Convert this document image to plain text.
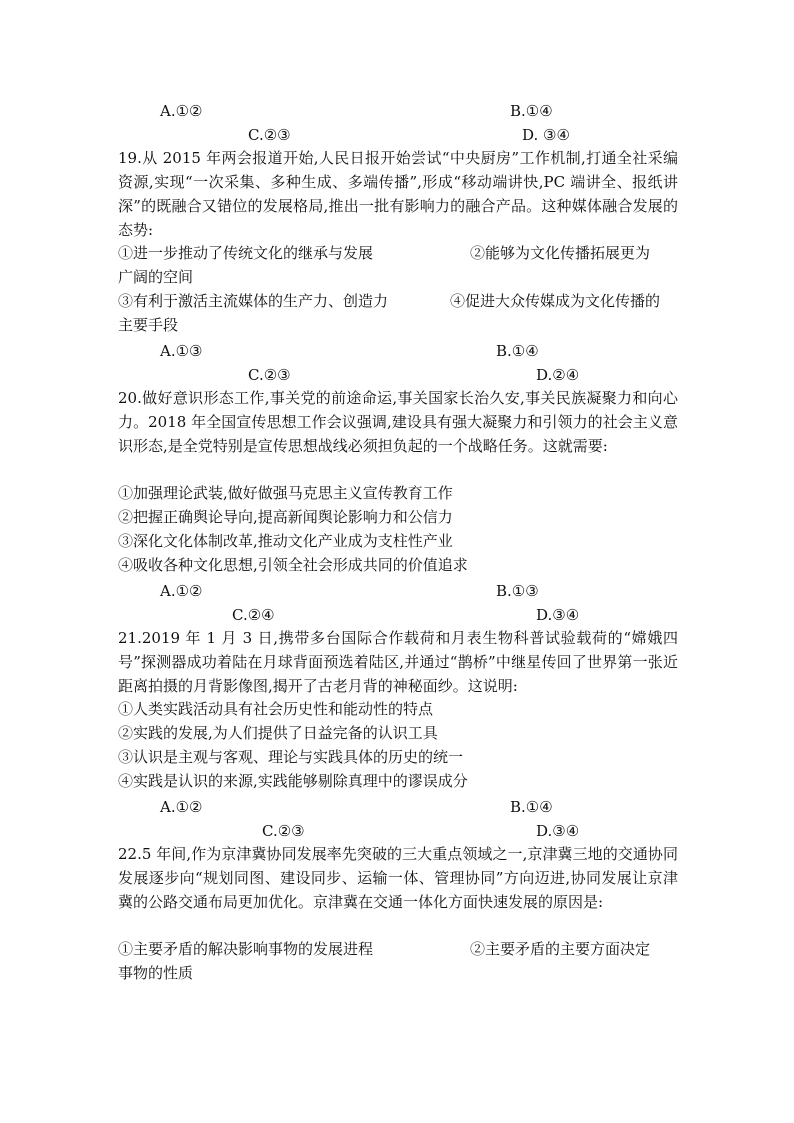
A.①②	B.①④
C.②③	D. ③④
19.从 2015 年两会报道开始,人民日报开始尝试“中央厨房”工作机制,打通全社采编资源,实现“一次采集、多种生成、多端传播”,形成“移动端讲快,PC 端讲全、报纸讲深”的既融合又错位的发展格局,推出一批有影响力的融合产品。这种媒体融合发展的态势:
①进一步推动了传统文化的继承与发展	②能够为文化传播拓展更为
广阔的空间
③有利于激活主流媒体的生产力、创造力	④促进大众传媒成为文化传播的
主要手段
A.①③	B.①④
C.②③	D.②④
20.做好意识形态工作,事关党的前途命运,事关国家长治久安,事关民族凝聚力和向心力。2018 年全国宣传思想工作会议强调,建设具有强大凝聚力和引领力的社会主义意识形态,是全党特别是宣传思想战线必须担负起的一个战略任务。这就需要:
①加强理论武装,做好做强马克思主义宣传教育工作
②把握正确舆论导向,提高新闻舆论影响力和公信力
③深化文化体制改革,推动文化产业成为支柱性产业
④吸收各种文化思想,引领全社会形成共同的价值追求
A.①②	B.①③
C.②④	D.③④
21.2019 年 1 月 3 日,携带多台国际合作载荷和月表生物科普试验载荷的“嫦娥四号”探测器成功着陆在月球背面预选着陆区,并通过“鹊桥”中继星传回了世界第一张近距离拍摄的月背影像图,揭开了古老月背的神秘面纱。这说明:
①人类实践活动具有社会历史性和能动性的特点
②实践的发展,为人们提供了日益完备的认识工具
③认识是主观与客观、理论与实践具体的历史的统一
④实践是认识的来源,实践能够剔除真理中的谬误成分
A.①②	B.①④
C.②③	D.③④
22.5 年间,作为京津冀协同发展率先突破的三大重点领域之一,京津冀三地的交通协同发展逐步向“规划同图、建设同步、运输一体、管理协同”方向迈进,协同发展让京津冀的公路交通布局更加优化。京津冀在交通一体化方面快速发展的原因是:
①主要矛盾的解决影响事物的发展进程	②主要矛盾的主要方面决定
事物的性质
